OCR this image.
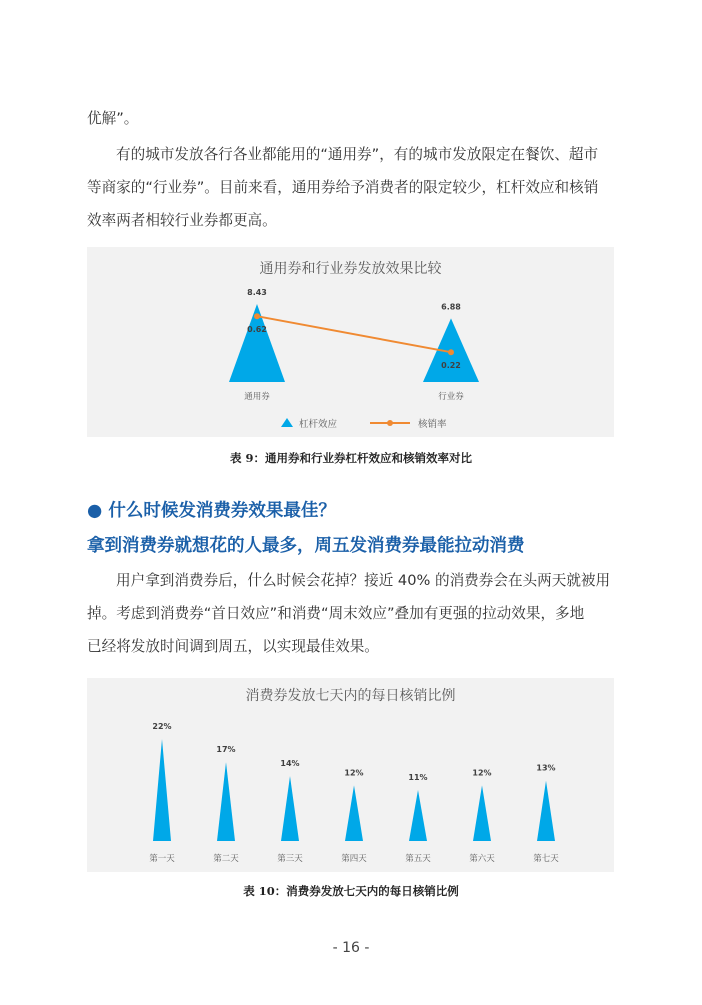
优解”。

有的城市发放各行各业都能用的“通用券”，有的城市发放限定在餐饮、超市

等商家的“行业券”。目前来看，通用券给予消费者的限定较少，杠杆效应和核销

效率两者相较行业券都更高。

通用券和行业券发放效果比较
8.43
通用券
6.88
行业券
0.62
0.22
杠杆效应	核销率
表 9：通用券和行业券杠杆效应和核销效率对比
● 什么时候发消费券效果最佳？
拿到消费券就想花的人最多，周五发消费券最能拉动消费

用户拿到消费券后，什么时候会花掉？接近 40% 的消费券会在头两天就被用

掉。考虑到消费券“首日效应”和消费“周末效应”叠加有更强的拉动效果，多地

已经将发放时间调到周五，以实现最佳效果。

消费券发放七天内的每日核销比例
22%
第一天
17%
第二天
14%
第三天
12%
第四天
11%
第五天
12%
第六天
13%
第七天
表 10：消费券发放七天内的每日核销比例
- 16 -
